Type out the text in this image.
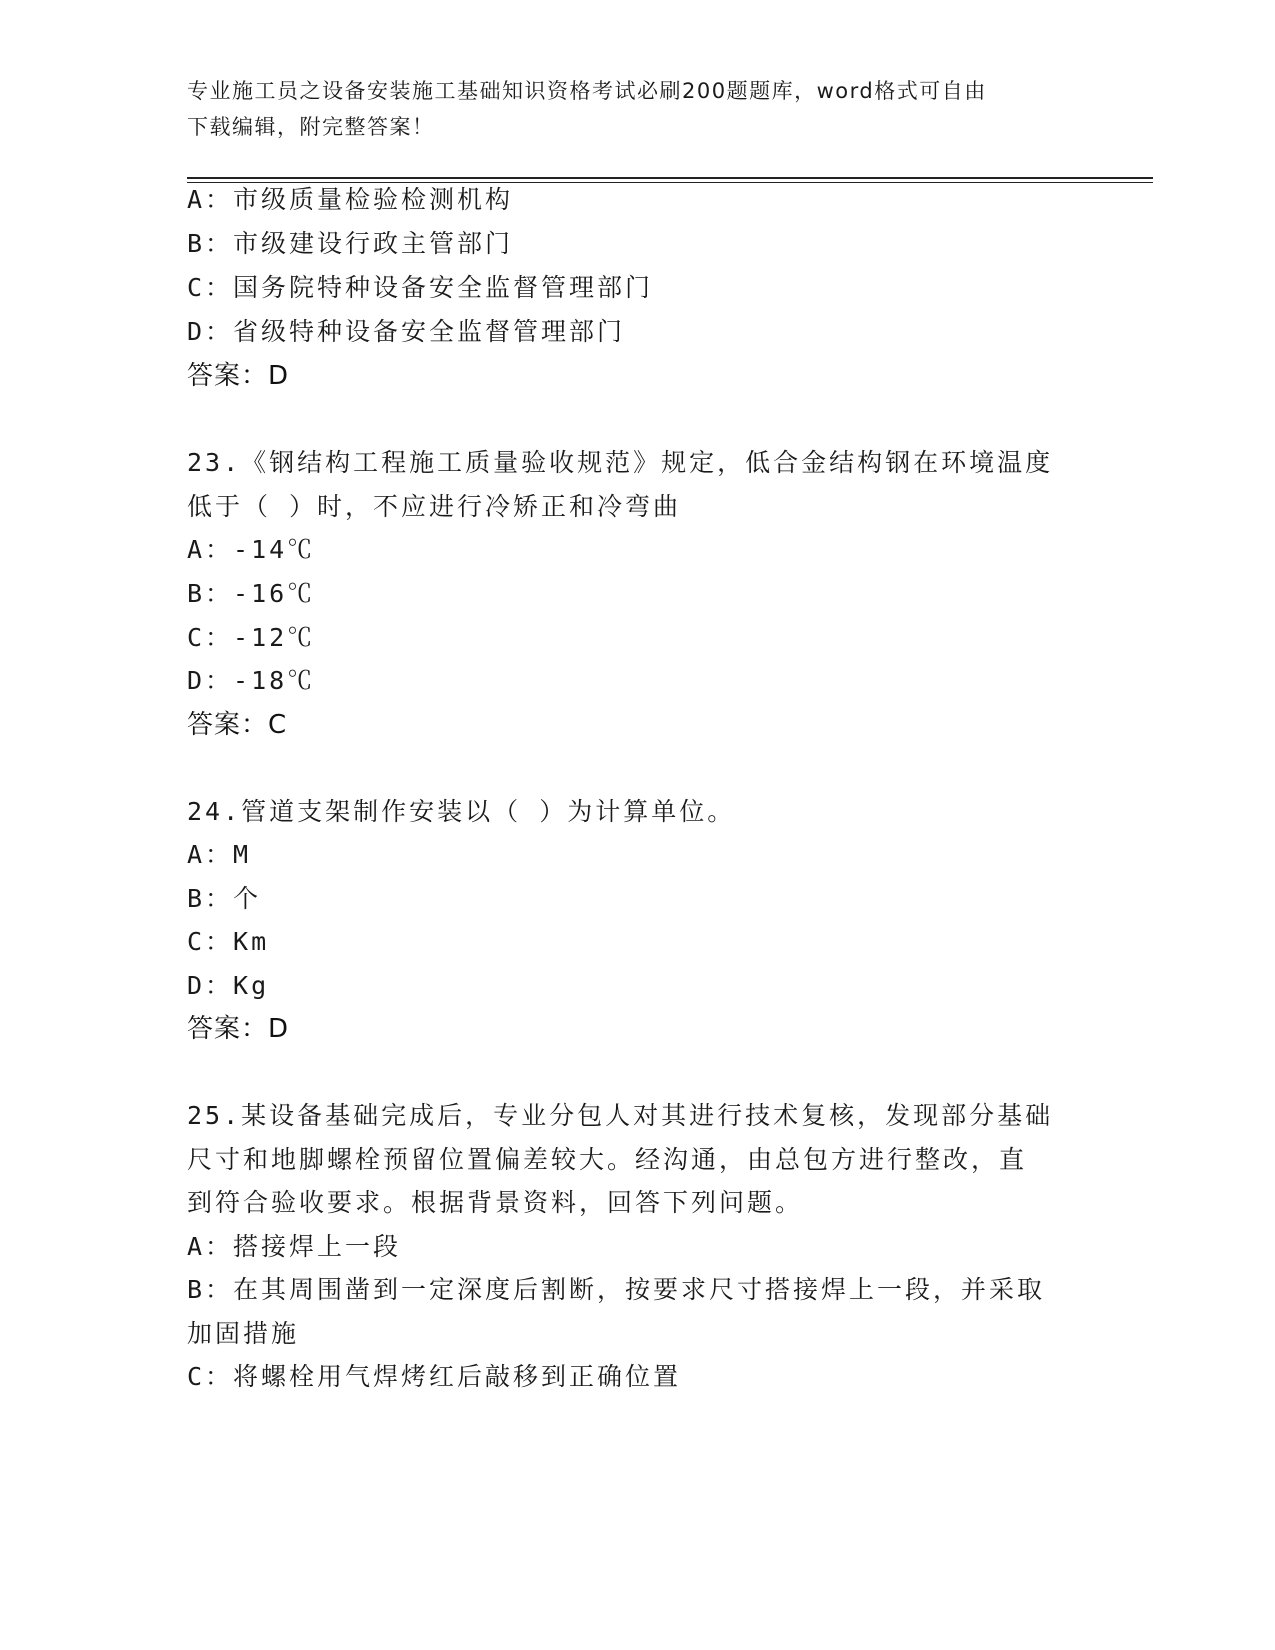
专业施工员之设备安装施工基础知识资格考试必刷200题题库，word格式可自由
下载编辑，附完整答案！
A：市级质量检验检测机构
B：市级建设行政主管部门
C：国务院特种设备安全监督管理部门
D：省级特种设备安全监督管理部门
答案：D
23.《钢结构工程施工质量验收规范》规定，低合金结构钢在环境温度
低于（ ）时，不应进行冷矫正和冷弯曲
A：-14℃
B：-16℃
C：-12℃
D：-18℃
答案：C
24.管道支架制作安装以（ ）为计算单位。
A：M
B：个
C：Km
D：Kg
答案：D
25.某设备基础完成后，专业分包人对其进行技术复核，发现部分基础
尺寸和地脚螺栓预留位置偏差较大。经沟通，由总包方进行整改，直
到符合验收要求。根据背景资料，回答下列问题。
A：搭接焊上一段
B：在其周围凿到一定深度后割断，按要求尺寸搭接焊上一段，并采取
加固措施
C：将螺栓用气焊烤红后敲移到正确位置
